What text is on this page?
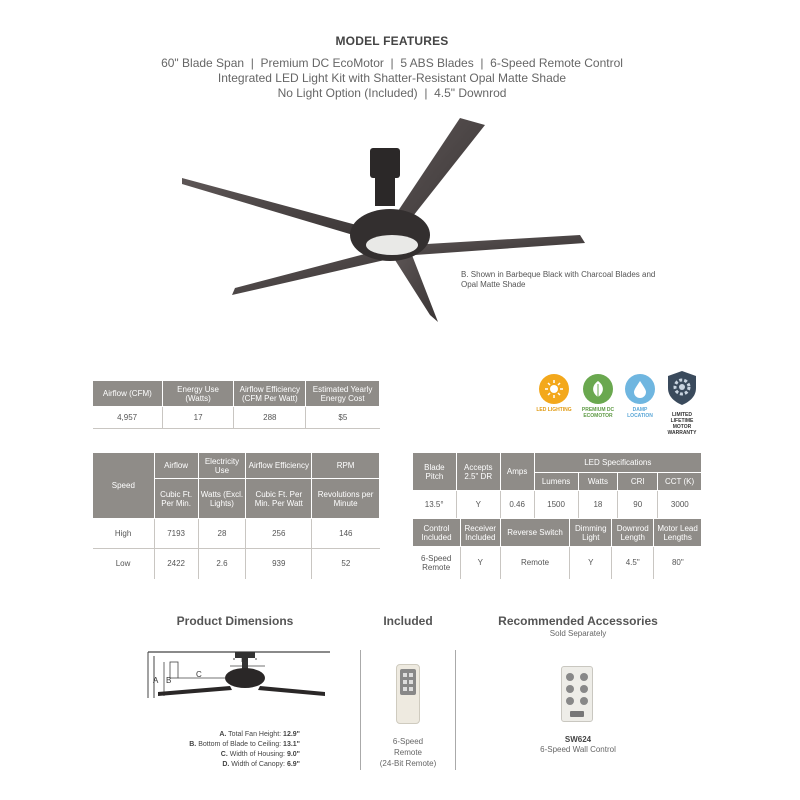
MODEL FEATURES
60" Blade Span  |  Premium DC EcoMotor  |  5 ABS Blades  |  6-Speed Remote Control
Integrated LED Light Kit with Shatter-Resistant Opal Matte Shade
No Light Option (Included)  |  4.5" Downrod
B. Shown in Barbeque Black with Charcoal Blades and
Opal Matte Shade
Airflow (CFM)	Energy Use (Watts)	Airflow Efficiency (CFM Per Watt)	Estimated Yearly Energy Cost
4,957	17	288	$5
LED LIGHTING	PREMIUM DC ECOMOTOR
DAMP LOCATION	LIMITED LIFETIME MOTOR WARRANTY
Speed	Airflow	Electricity Use	Airflow Efficiency	RPM
	Cubic Ft. Per Min.	Watts (Excl. Lights)	Cubic Ft. Per Min. Per Watt	Revolutions per Minute
High	7193	28	256	146
Low	2422	2.6	939	52
Blade Pitch	Accepts 2.5" DR	Amps	LED Specifications			
			Lumens	Watts	CRI	CCT (K)
13.5°	Y	0.46	1500	18	90	3000
Control Included	Receiver Included	Reverse Switch	Dimming Light	Downrod Length	Motor Lead Lengths
6-Speed Remote	Y	Remote	Y	4.5"	80"
Product Dimensions
A B
C
D
A. Total Fan Height: 12.9"
B. Bottom of Blade to Ceiling: 13.1"
C. Width of Housing: 9.0"
D. Width of Canopy: 6.9"
Included
6-Speed
Remote
(24-Bit Remote)
Recommended Accessories
Sold Separately
SW624
6-Speed Wall Control
